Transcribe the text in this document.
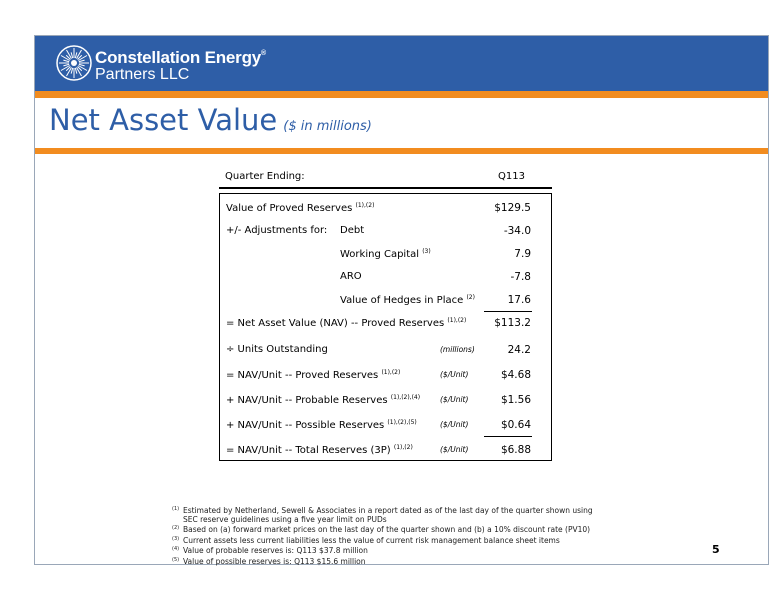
Constellation Energy®
Partners LLC
Net Asset Value ($ in millions)
Quarter Ending:	Q113
Value of Proved Reserves $^{(1),(2)}$	$129.5
+/- Adjustments for: Debt	-34.0
Working Capital $^{(3)}$	7.9
ARO	-7.8
Value of Hedges in Place $^{(2)}$	17.6
= Net Asset Value (NAV) -- Proved Reserves $^{(1),(2)}$	$113.2
÷ Units Outstanding	(millions)	24.2
= NAV/Unit -- Proved Reserves $^{(1),(2)}$	($/Unit)	$4.68
+ NAV/Unit -- Probable Reserves $^{(1),(2),(4)}$	($/Unit)	$1.56
+ NAV/Unit -- Possible Reserves $^{(1),(2),(5)}$	($/Unit)	$0.64
= NAV/Unit -- Total Reserves (3P) $^{(1),(2)}$	($/Unit)	$6.88
$^{(1)}$ Estimated by Netherland, Sewell & Associates in a report dated as of the last day of the quarter shown using
SEC reserve guidelines using a five year limit on PUDs
$^{(2)}$ Based on (a) forward market prices on the last day of the quarter shown and (b) a 10% discount rate (PV10)
$^{(3)}$ Current assets less current liabilities less the value of current risk management balance sheet items
$^{(4)}$ Value of probable reserves is: Q113 $37.8 million
$^{(5)}$ Value of possible reserves is: Q113 $15.6 million
5
